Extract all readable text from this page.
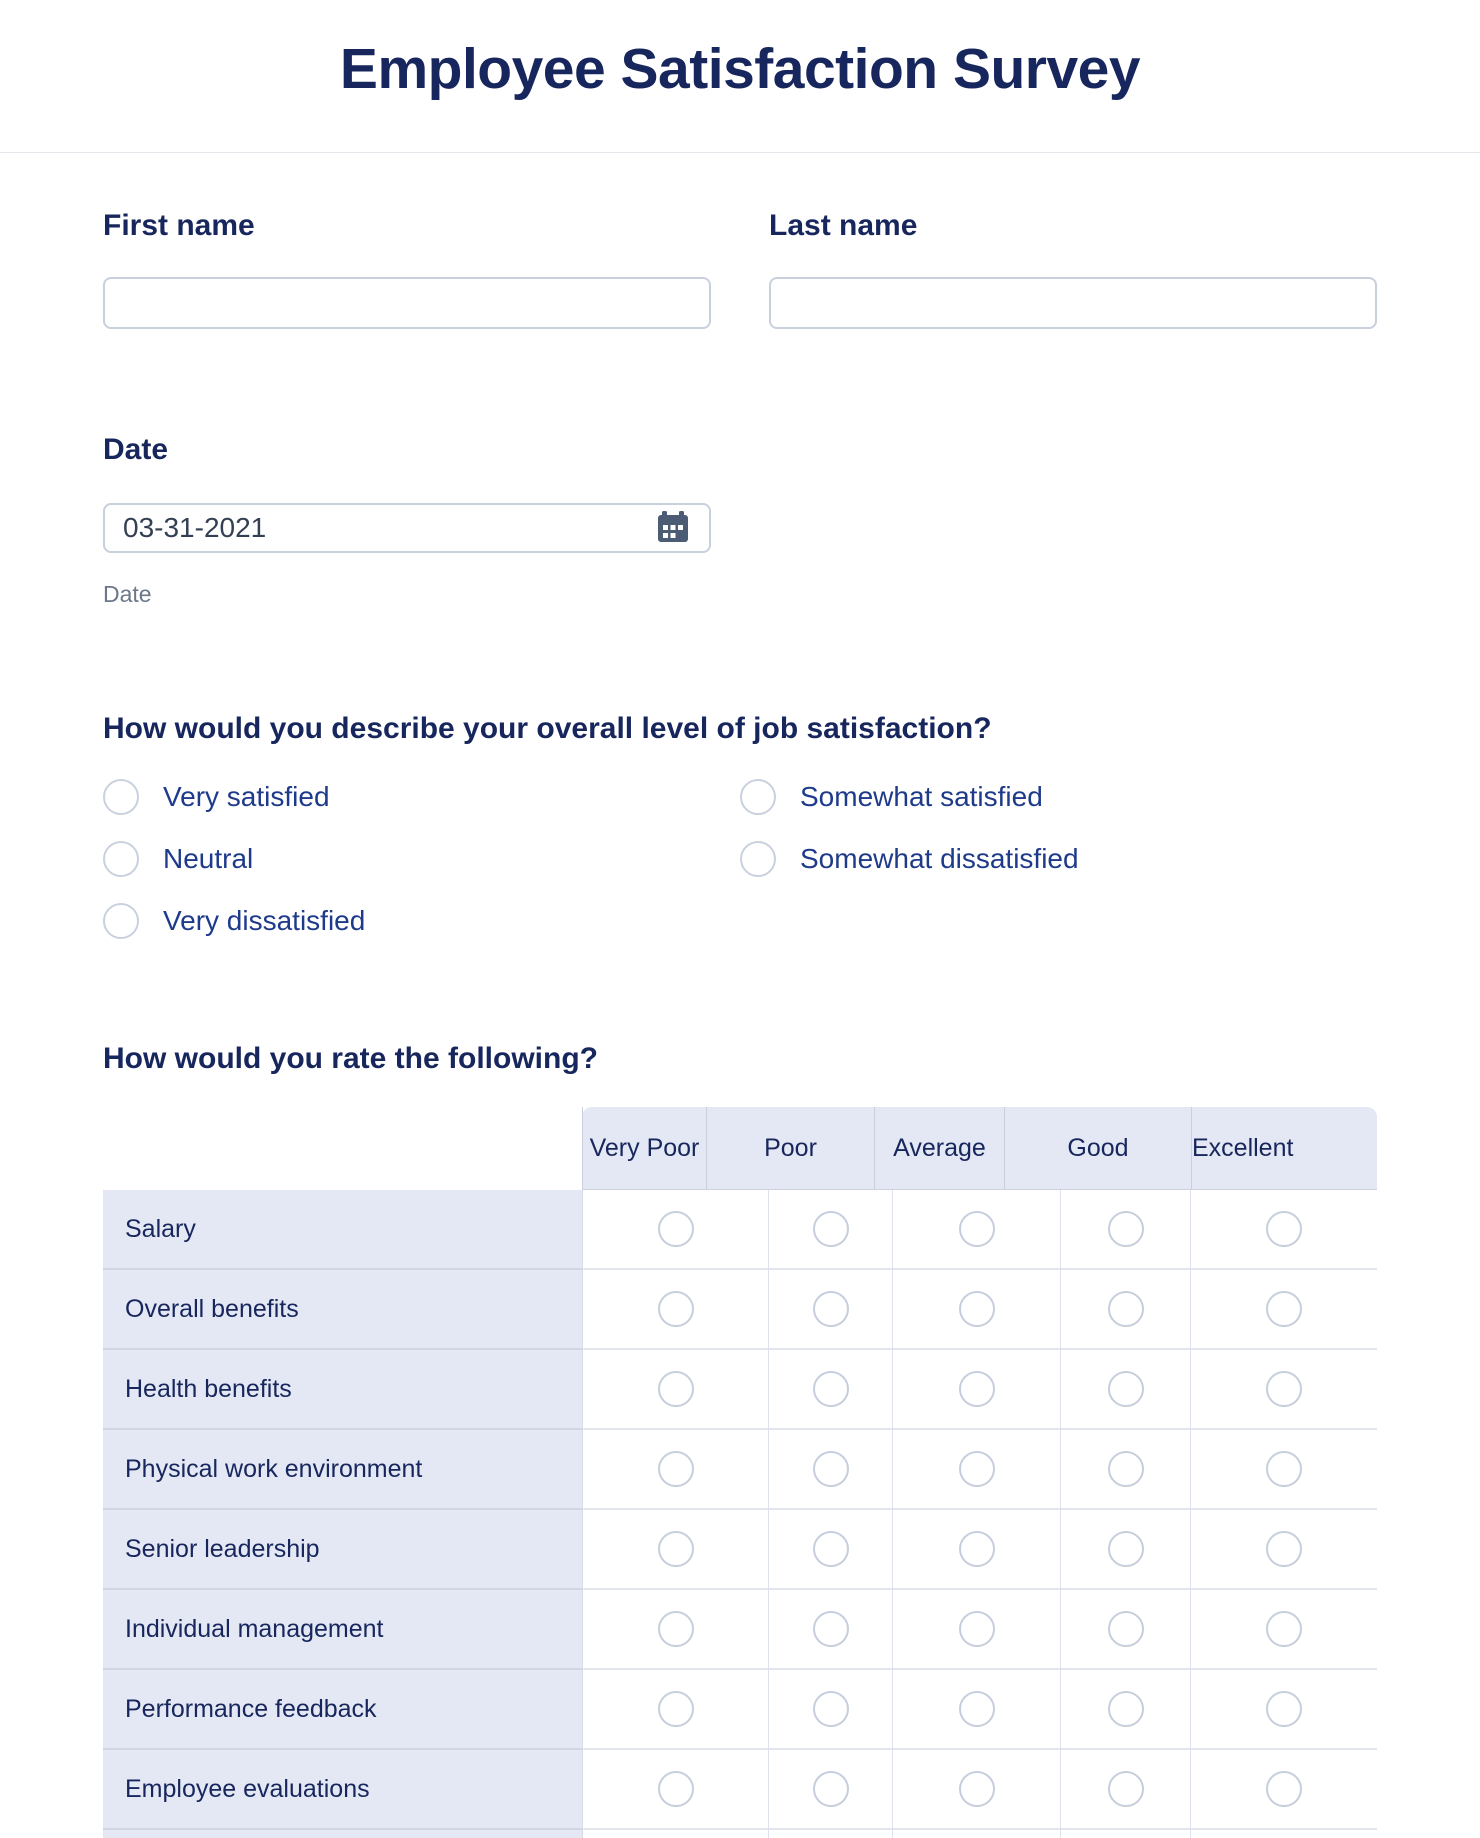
Employee Satisfaction Survey
First name	Last name
Date
03-31-2021
Date
How would you describe your overall level of job satisfaction?
Very satisfied	Somewhat satisfied
Neutral	Somewhat dissatisfied
Very dissatisfied
How would you rate the following?
Very Poor	Poor	Average	Good	Excellent
Salary
Overall benefits
Health benefits
Physical work environment
Senior leadership
Individual management
Performance feedback
Employee evaluations
